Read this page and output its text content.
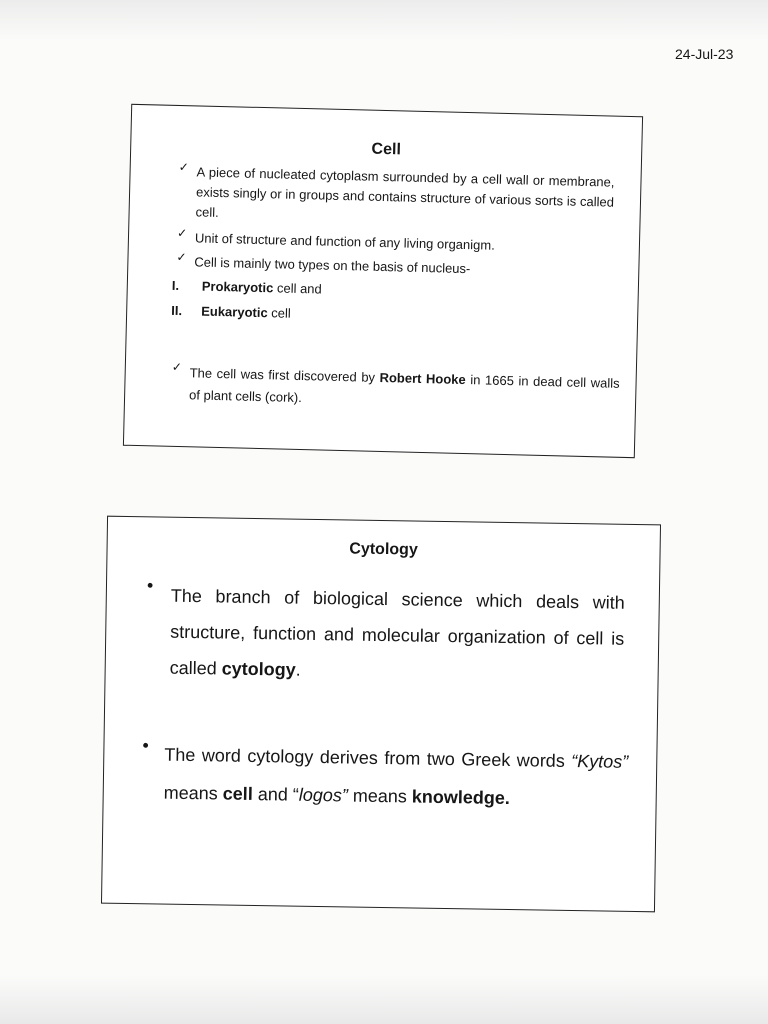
24-Jul-23
Cell
✓ A piece of nucleated cytoplasm surrounded by a cell wall or membrane, exists singly or in groups and contains structure of various sorts is called cell.
✓ Unit of structure and function of any living organigm.
✓ Cell is mainly two types on the basis of nucleus-
I. Prokaryotic cell and
II. Eukaryotic cell
✓ The cell was first discovered by Robert Hooke in 1665 in dead cell walls of plant cells (cork).
Cytology
•
The branch of biological science which deals with structure, function and molecular organization of cell is called cytology.
• The word cytology derives from two Greek words “Kytos” means cell and “logos” means knowledge.
